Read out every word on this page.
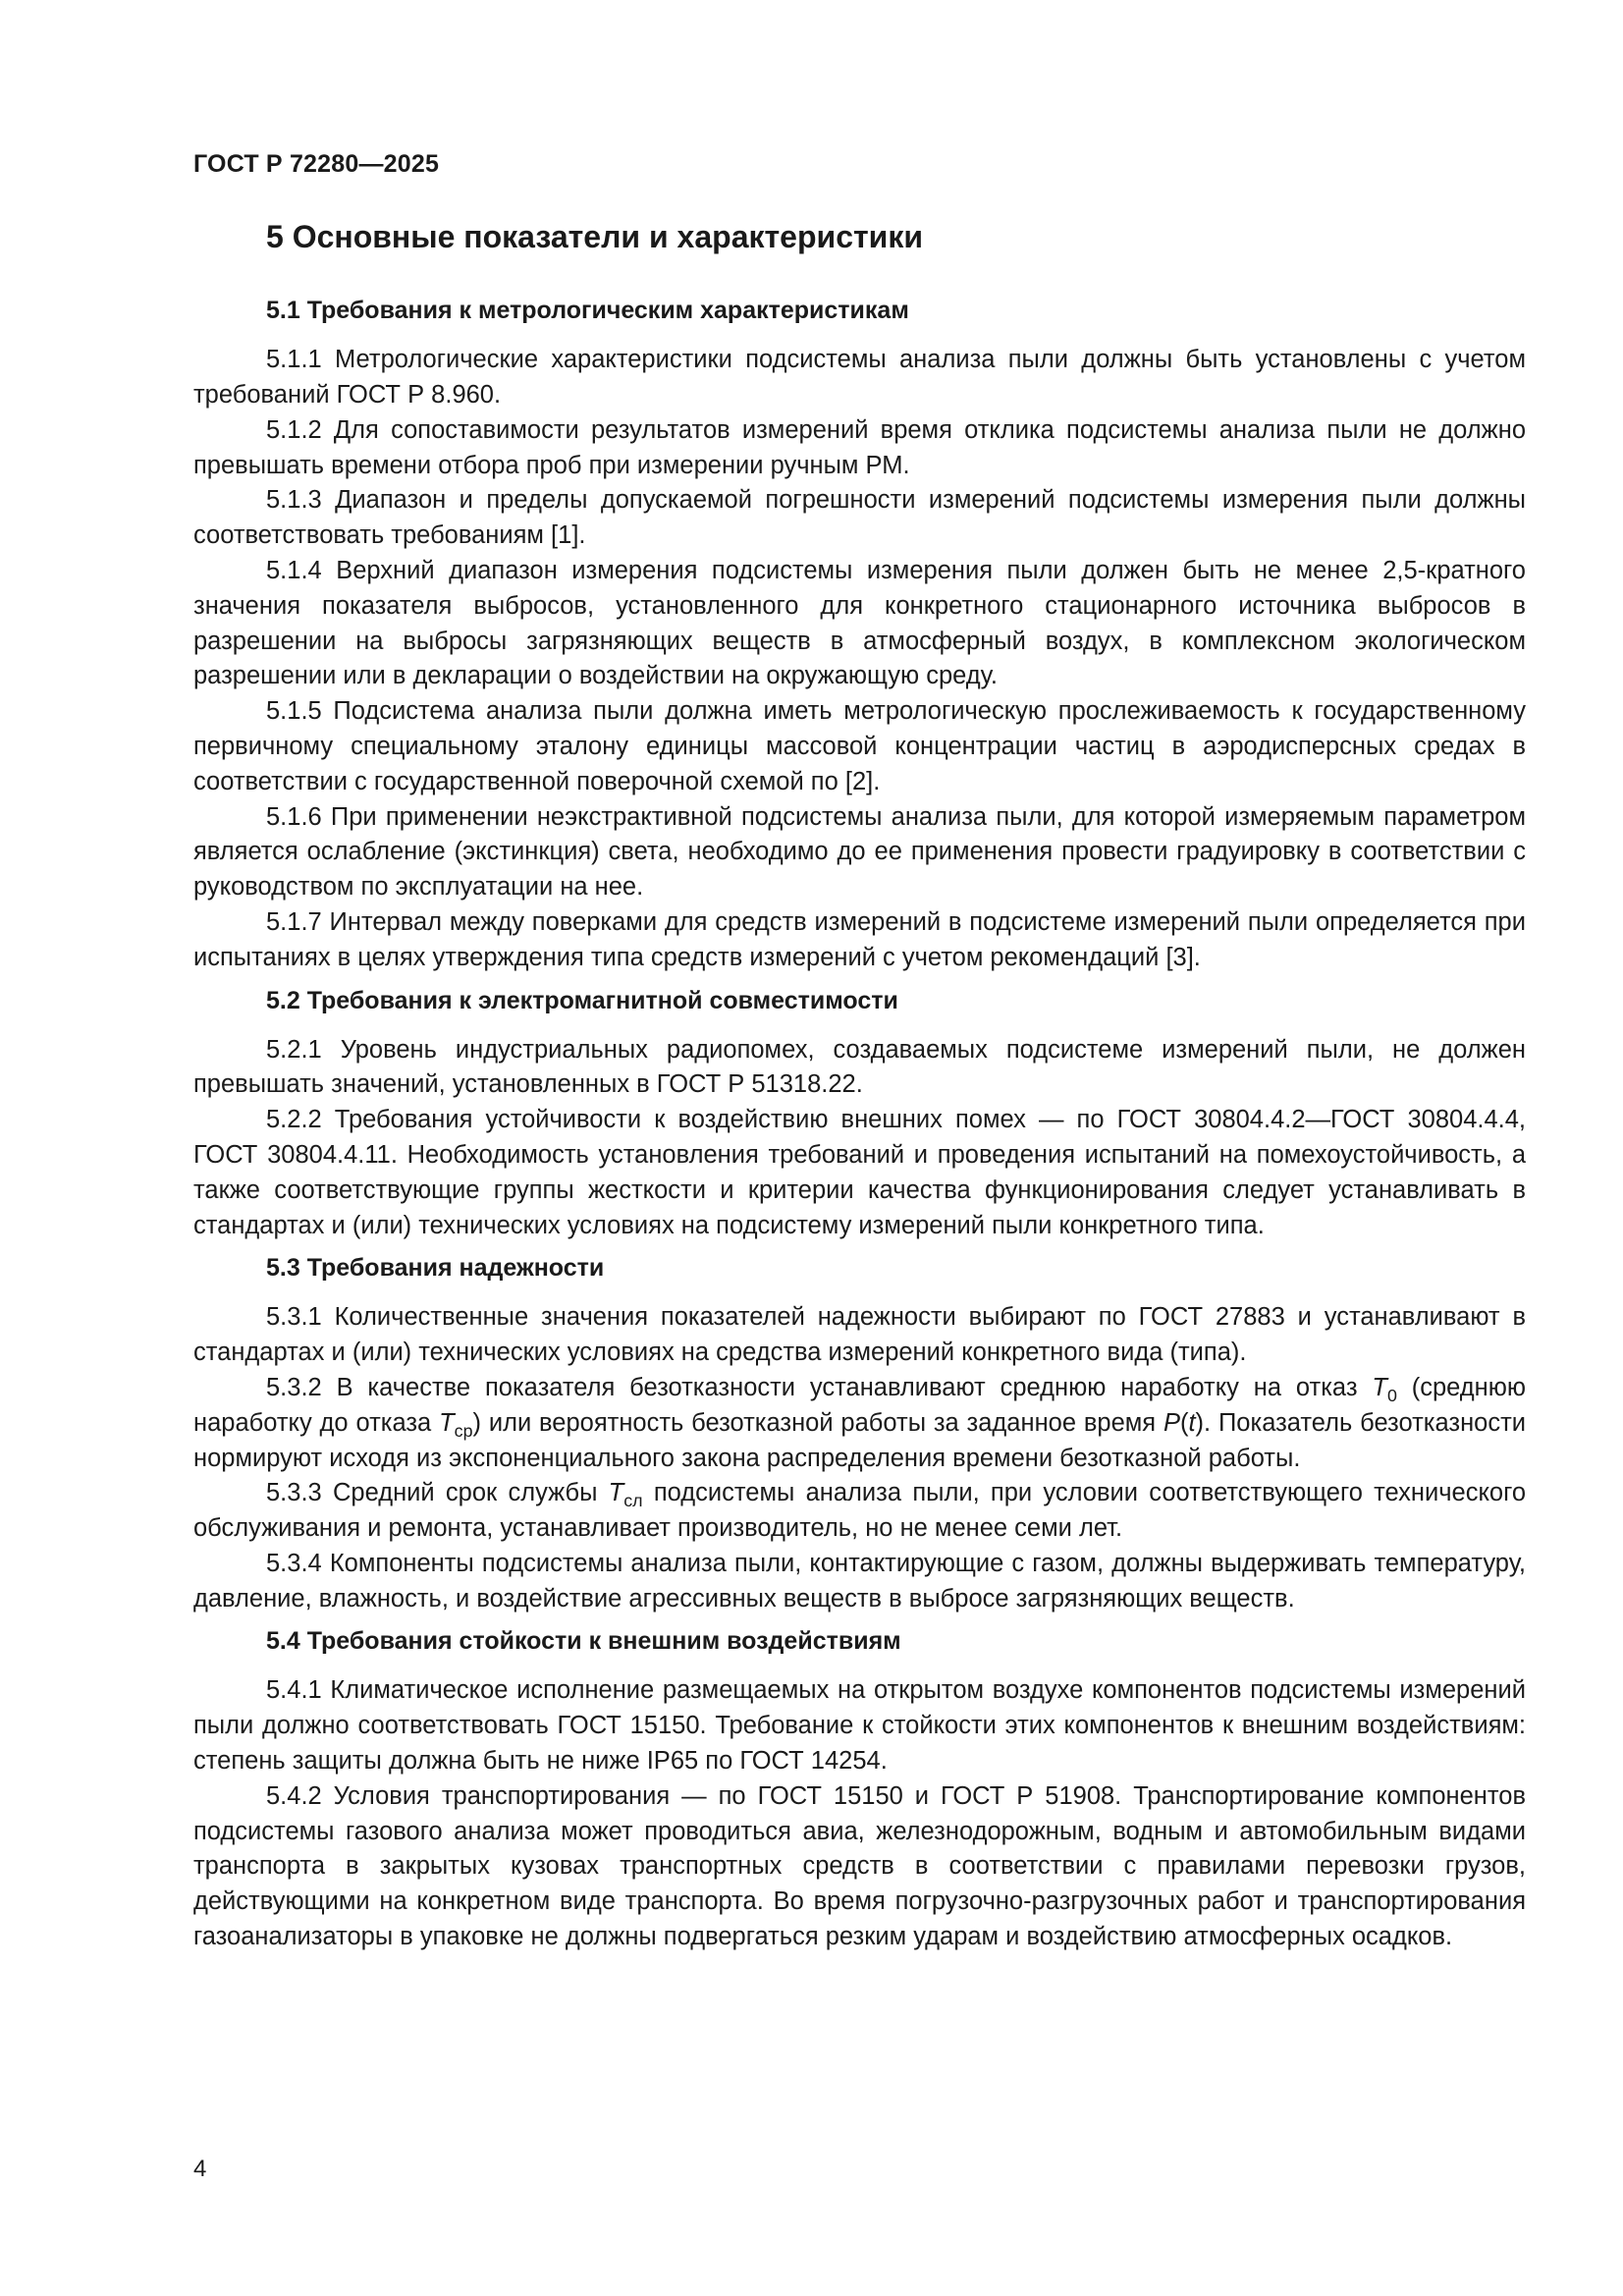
ГОСТ Р 72280—2025
5 Основные показатели и характеристики
5.1 Требования к метрологическим характеристикам

5.1.1 Метрологические характеристики подсистемы анализа пыли должны быть установлены с учетом требований ГОСТ Р 8.960.

5.1.2 Для сопоставимости результатов измерений время отклика подсистемы анализа пыли не должно превышать времени отбора проб при измерении ручным РМ.

5.1.3 Диапазон и пределы допускаемой погрешности измерений подсистемы измерения пыли должны соответствовать требованиям [1].

5.1.4 Верхний диапазон измерения подсистемы измерения пыли должен быть не менее 2,5-кратного значения показателя выбросов, установленного для конкретного стационарного источника выбросов в разрешении на выбросы загрязняющих веществ в атмосферный воздух, в комплексном экологическом разрешении или в декларации о воздействии на окружающую среду.

5.1.5 Подсистема анализа пыли должна иметь метрологическую прослеживаемость к государственному первичному специальному эталону единицы массовой концентрации частиц в аэродисперсных средах в соответствии с государственной поверочной схемой по [2].

5.1.6 При применении неэкстрактивной подсистемы анализа пыли, для которой измеряемым параметром является ослабление (экстинкция) света, необходимо до ее применения провести градуировку в соответствии с руководством по эксплуатации на нее.

5.1.7 Интервал между поверками для средств измерений в подсистеме измерений пыли определяется при испытаниях в целях утверждения типа средств измерений с учетом рекомендаций [3].

5.2 Требования к электромагнитной совместимости

5.2.1 Уровень индустриальных радиопомех, создаваемых подсистеме измерений пыли, не должен превышать значений, установленных в ГОСТ Р 51318.22.

5.2.2 Требования устойчивости к воздействию внешних помех — по ГОСТ 30804.4.2—ГОСТ 30804.4.4, ГОСТ 30804.4.11. Необходимость установления требований и проведения испытаний на помехоустойчивость, а также соответствующие группы жесткости и критерии качества функционирования следует устанавливать в стандартах и (или) технических условиях на подсистему измерений пыли конкретного типа.

5.3 Требования надежности

5.3.1 Количественные значения показателей надежности выбирают по ГОСТ 27883 и устанавливают в стандартах и (или) технических условиях на средства измерений конкретного вида (типа).

5.3.2 В качестве показателя безотказности устанавливают среднюю наработку на отказ $T_0$ (среднюю наработку до отказа $T_{ср}$) или вероятность безотказной работы за заданное время P(t). Показатель безотказности нормируют исходя из экспоненциального закона распределения времени безотказной работы.

5.3.3 Средний срок службы $T_{сл}$ подсистемы анализа пыли, при условии соответствующего технического обслуживания и ремонта, устанавливает производитель, но не менее семи лет.

5.3.4 Компоненты подсистемы анализа пыли, контактирующие с газом, должны выдерживать температуру, давление, влажность, и воздействие агрессивных веществ в выбросе загрязняющих веществ.

5.4 Требования стойкости к внешним воздействиям

5.4.1 Климатическое исполнение размещаемых на открытом воздухе компонентов подсистемы измерений пыли должно соответствовать ГОСТ 15150. Требование к стойкости этих компонентов к внешним воздействиям: степень защиты должна быть не ниже IP65 по ГОСТ 14254.

5.4.2 Условия транспортирования — по ГОСТ 15150 и ГОСТ Р 51908. Транспортирование компонентов подсистемы газового анализа может проводиться авиа, железнодорожным, водным и автомобильным видами транспорта в закрытых кузовах транспортных средств в соответствии с правилами перевозки грузов, действующими на конкретном виде транспорта. Во время погрузочно-разгрузочных работ и транспортирования газоанализаторы в упаковке не должны подвергаться резким ударам и воздействию атмосферных осадков.

4
